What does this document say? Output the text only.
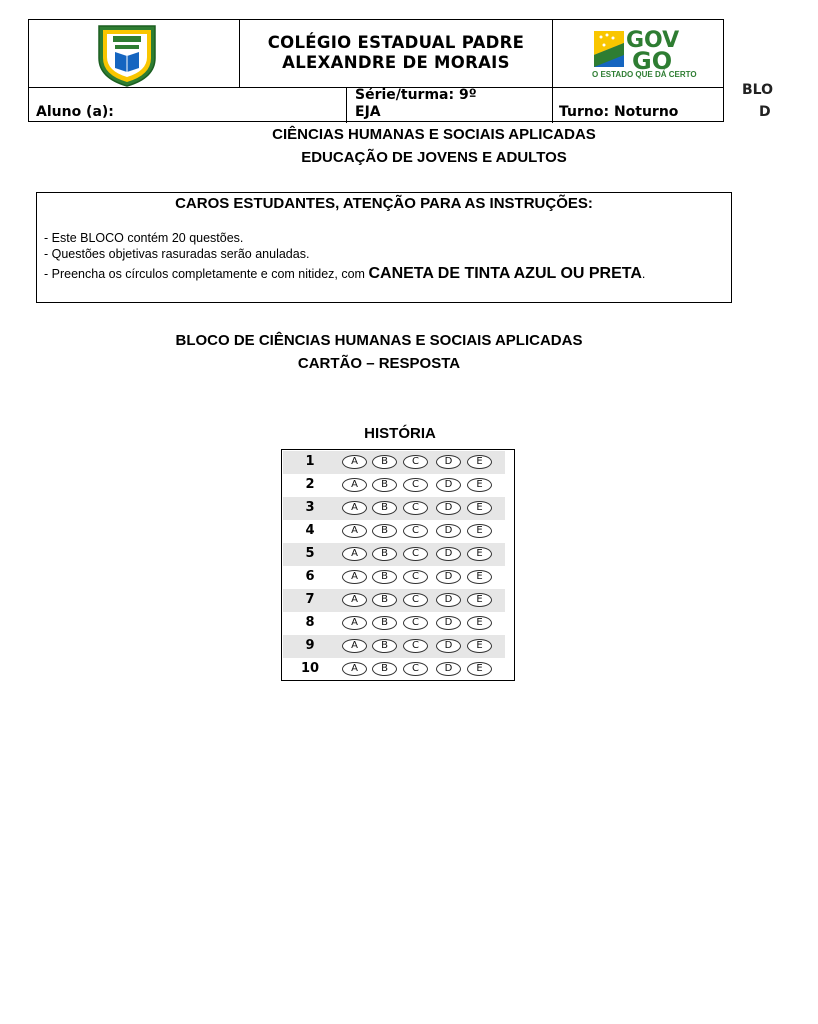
COLÉGIO ESTADUAL PADRE ALEXANDRE DE MORAIS
GOV
GO
O ESTADO QUE DÁ CERTO
Aluno (a):
Série/turma: 9º
EJA	Turno: Noturno
BLO
D
CIÊNCIAS HUMANAS E SOCIAIS APLICADAS
EDUCAÇÃO DE JOVENS E ADULTOS
CAROS ESTUDANTES, ATENÇÃO PARA AS INSTRUÇÕES:
- Este BLOCO contém 20 questões.
- Questões objetivas rasuradas serão anuladas.
- Preencha os círculos completamente e com nitidez, com CANETA DE TINTA AZUL OU PRETA.
BLOCO DE CIÊNCIAS HUMANAS E SOCIAIS APLICADAS
CARTÃO – RESPOSTA
HISTÓRIA
1	A	B	C	D	E
2	A	B	C	D	E
3	A	B	C	D	E
4	A	B	C	D	E
5	A	B	C	D	E
6	A	B	C	D	E
7	A	B	C	D	E
8	A	B	C	D	E
9	A	B	C	D	E
10	A	B	C	D	E
